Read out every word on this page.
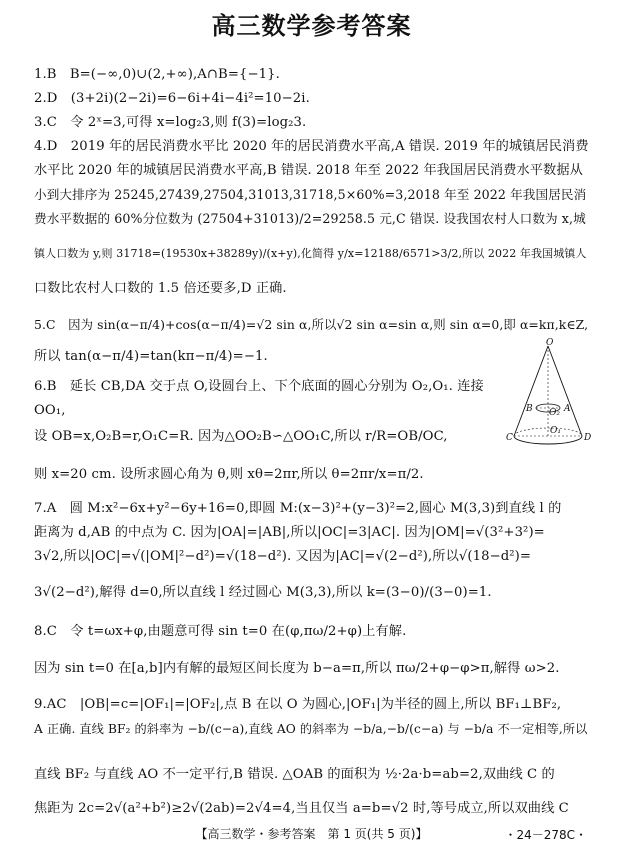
高三数学参考答案
1.B　B=(−∞,0)∪(2,+∞),A∩B={−1}.
2.D　(3+2i)(2−2i)=6−6i+4i−4i²=10−2i.
3.C　令 2ˣ=3,可得 x=log₂3,则 f(3)=log₂3.
4.D　2019 年的居民消费水平比 2020 年的居民消费水平高,A 错误. 2019 年的城镇居民消费
水平比 2020 年的城镇居民消费水平高,B 错误. 2018 年至 2022 年我国居民消费水平数据从
小到大排序为 25245,27439,27504,31013,31718,5×60%=3,2018 年至 2022 年我国居民消
费水平数据的 60%分位数为 (27504+31013)/2=29258.5 元,C 错误. 设我国农村人口数为 x,城
镇人口数为 y,则 31718=(19530x+38289y)/(x+y),化简得 y/x=12188/6571>3/2,所以 2022 年我国城镇人
口数比农村人口数的 1.5 倍还要多,D 正确.
5.C　因为 sin(α−π/4)+cos(α−π/4)=√2 sin α,所以√2 sin α=sin α,则 sin α=0,即 α=kπ,k∈Z,
所以 tan(α−π/4)=tan(kπ−π/4)=−1.
6.B　延长 CB,DA 交于点 O,设圆台上、下个底面的圆心分别为 O₂,O₁. 连接
OO₁,
设 OB=x,O₂B=r,O₁C=R. 因为△OO₂B∽△OO₁C,所以 r/R=OB/OC,
则 x=20 cm. 设所求圆心角为 θ,则 xθ=2πr,所以 θ=2πr/x=π/2.
7.A　圆 M:x²−6x+y²−6y+16=0,即圆 M:(x−3)²+(y−3)²=2,圆心 M(3,3)到直线 l 的
距离为 d,AB 的中点为 C. 因为|OA|=|AB|,所以|OC|=3|AC|. 因为|OM|=√(3²+3²)=
3√2,所以|OC|=√(|OM|²−d²)=√(18−d²). 又因为|AC|=√(2−d²),所以√(18−d²)=
3√(2−d²),解得 d=0,所以直线 l 经过圆心 M(3,3),所以 k=(3−0)/(3−0)=1.
8.C　令 t=ωx+φ,由题意可得 sin t=0 在(φ,πω/2+φ)上有解.
因为 sin t=0 在[a,b]内有解的最短区间长度为 b−a=π,所以 πω/2+φ−φ>π,解得 ω>2.
9.AC　|OB|=c=|OF₁|=|OF₂|,点 B 在以 O 为圆心,|OF₁|为半径的圆上,所以 BF₁⊥BF₂,
A 正确. 直线 BF₂ 的斜率为 −b/(c−a),直线 AO 的斜率为 −b/a,−b/(c−a) 与 −b/a 不一定相等,所以
直线 BF₂ 与直线 AO 不一定平行,B 错误. △OAB 的面积为 ½·2a·b=ab=2,双曲线 C 的
焦距为 2c=2√(a²+b²)≥2√(2ab)=2√4=4,当且仅当 a=b=√2 时,等号成立,所以双曲线 C
O
B	A
O₂
C
O₁
D
【高三数学・参考答案　第 1 页(共 5 页)】	・24－278C・
